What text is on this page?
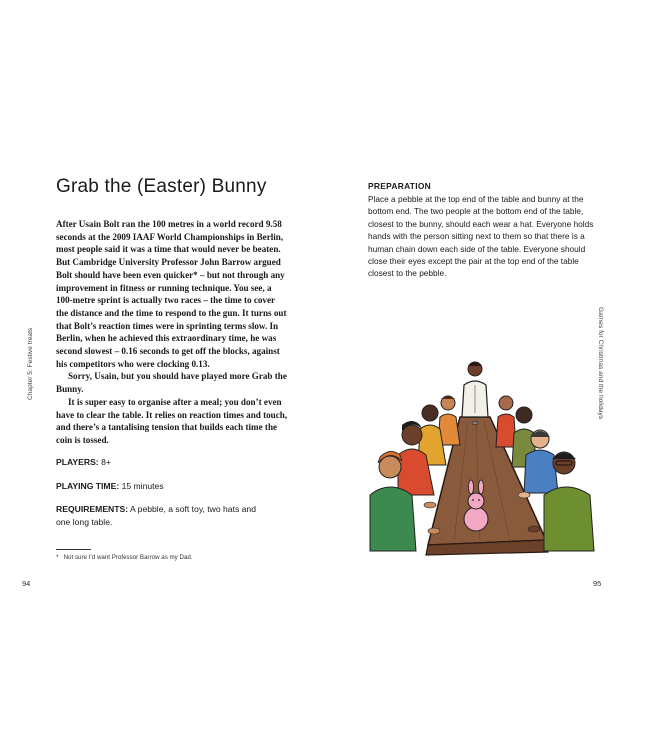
Chapter 5: Festive treats
Grab the (Easter) Bunny

After Usain Bolt ran the 100 metres in a world record 9.58 seconds at the 2009 IAAF World Championships in Berlin, most people said it was a time that would never be beaten. But Cambridge University Professor John Barrow argued Bolt should have been even quicker* – but not through any improvement in fitness or running technique. You see, a 100-metre sprint is actually two races – the time to cover the distance and the time to respond to the gun. It turns out that Bolt’s reaction times were in sprinting terms slow. In Berlin, when he achieved this extraordinary time, he was second slowest – 0.16 seconds to get off the blocks, against his competitors who were clocking 0.13.

Sorry, Usain, but you should have played more Grab the Bunny.

It is super easy to organise after a meal; you don’t even have to clear the table. It relies on reaction times and touch, and there’s a tantalising tension that builds each time the coin is tossed.

PLAYERS: 8+

PLAYING TIME: 15 minutes

REQUIREMENTS: A pebble, a soft toy, two hats and one long table.

* Not sure I’d want Professor Barrow as my Dad.
94
PREPARATION

Place a pebble at the top end of the table and bunny at the bottom end. The two people at the bottom end of the table, closest to the bunny, should each wear a hat. Everyone holds hands with the person sitting next to them so that there is a human chain down each side of the table. Everyone should close their eyes except the pair at the top end of the table closest to the pebble.

Games for Christmas and the holidays
95
